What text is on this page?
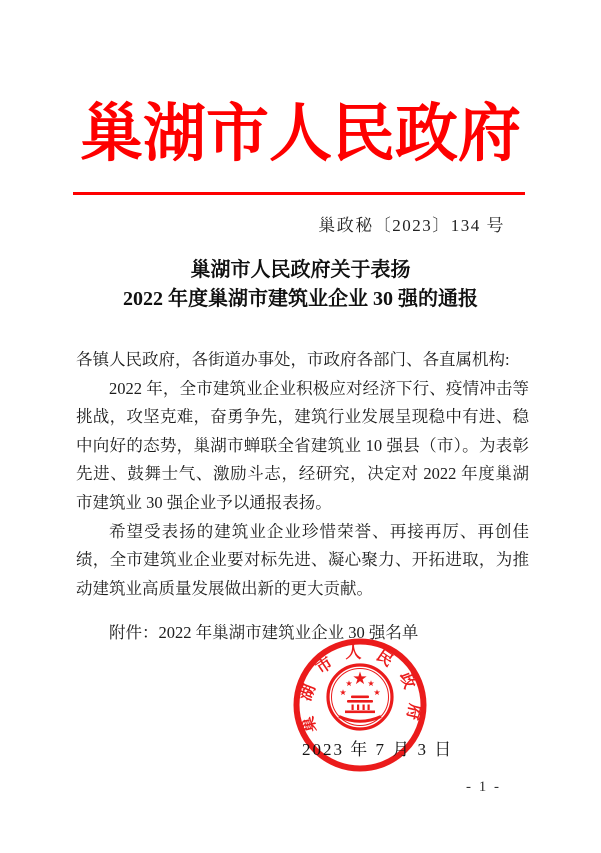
巢湖市人民政府
巢政秘〔2023〕134 号
巢湖市人民政府关于表扬
2022 年度巢湖市建筑业企业 30 强的通报

各镇人民政府，各街道办事处，市政府各部门、各直属机构:

2022 年，全市建筑业企业积极应对经济下行、疫情冲击等挑战，攻坚克难，奋勇争先，建筑行业发展呈现稳中有进、稳中向好的态势，巢湖市蝉联全省建筑业 10 强县（市）。为表彰先进、鼓舞士气、激励斗志，经研究，决定对 2022 年度巢湖市建筑业 30 强企业予以通报表扬。

希望受表扬的建筑业企业珍惜荣誉、再接再厉、再创佳绩，全市建筑业企业要对标先进、凝心聚力、开拓进取，为推动建筑业高质量发展做出新的更大贡献。

附件：2022 年巢湖市建筑业企业 30 强名单

巢湖市人民政府
2023 年 7 月 3 日
- 1 -
